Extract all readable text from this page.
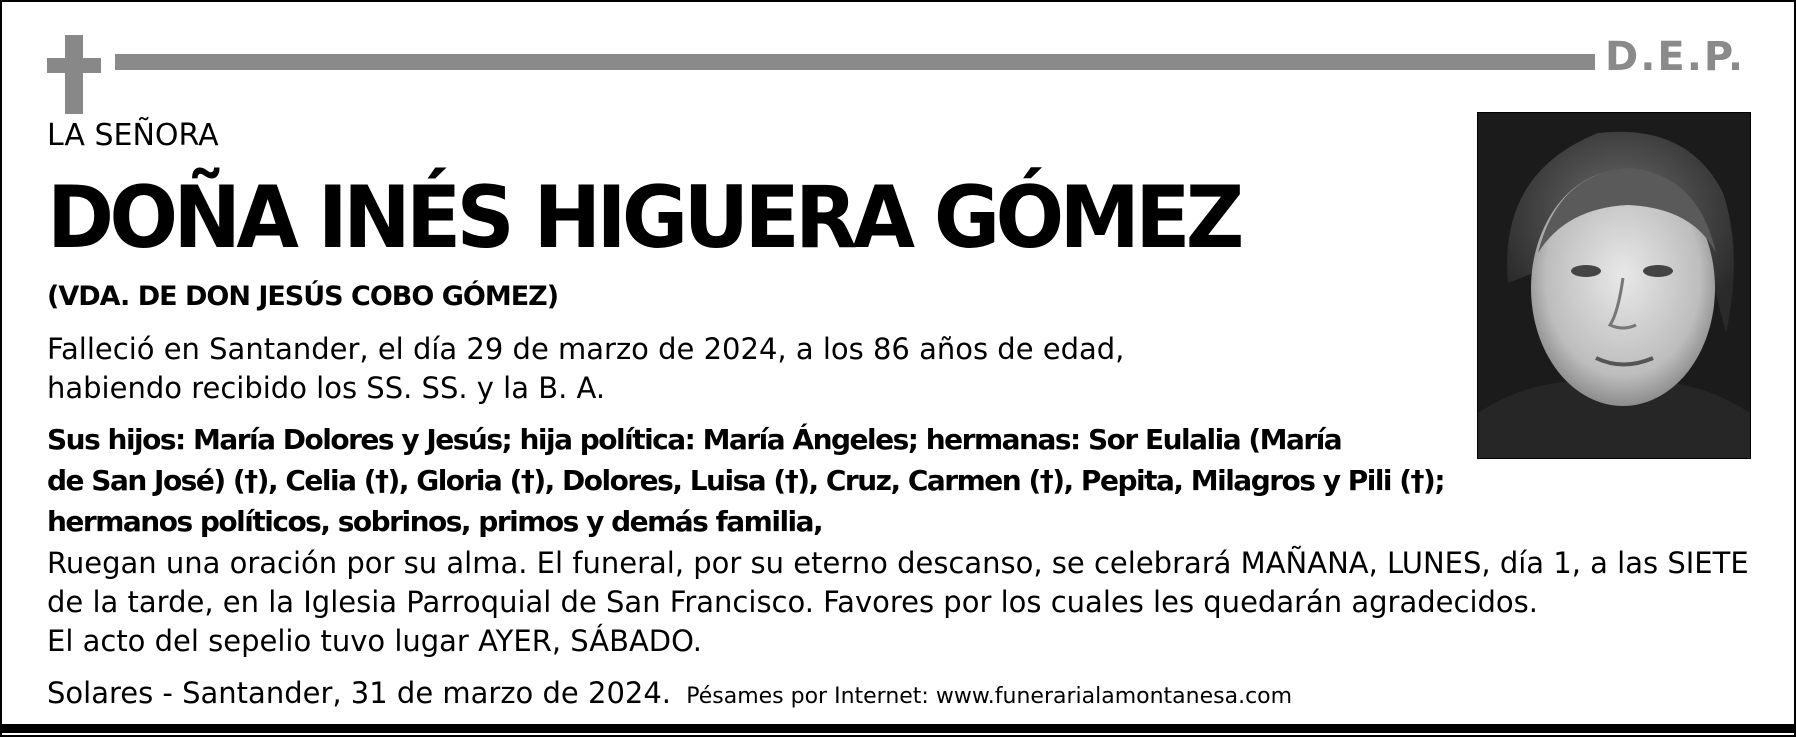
D.E.P.
LA SEÑORA
DOÑA INÉS HIGUERA GÓMEZ
(VDA. DE DON JESÚS COBO GÓMEZ)
Falleció en Santander, el día 29 de marzo de 2024, a los 86 años de edad,
habiendo recibido los SS. SS. y la B. A.
Sus hijos: María Dolores y Jesús; hija política: María Ángeles; hermanas: Sor Eulalia (María
de San José) (†), Celia (†), Gloria (†), Dolores, Luisa (†), Cruz, Carmen (†), Pepita, Milagros y Pili (†);
hermanos políticos, sobrinos, primos y demás familia,
Ruegan una oración por su alma. El funeral, por su eterno descanso, se celebrará MAÑANA, LUNES, día 1, a las SIETE
de la tarde, en la Iglesia Parroquial de San Francisco. Favores por los cuales les quedarán agradecidos.
El acto del sepelio tuvo lugar AYER, SÁBADO.
Solares - Santander, 31 de marzo de 2024. Pésames por Internet: www.funerarialamontanesa.com
